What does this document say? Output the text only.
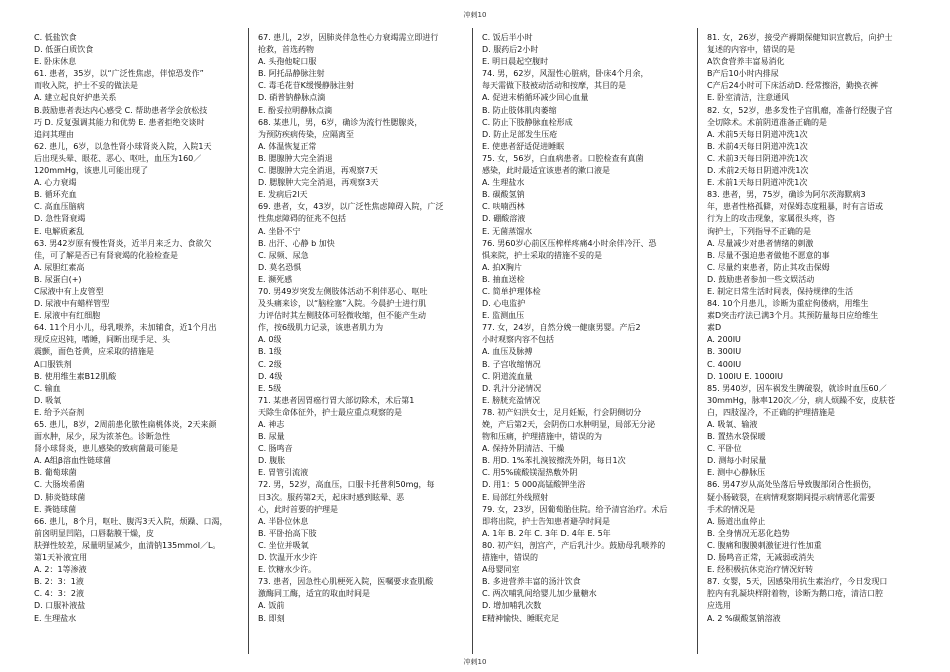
冲刺10
C. 低盐饮食
D. 低蛋白质饮食
E. 卧床休息
61. 患者，35岁，以“广泛性焦虑，伴惊恐发作”
而收入院，护士不妥的做法是
A. 建立起良好护患关系
B.鼓励患者表达内心感受 C. 帮助患者学会放松技
巧 D. 反复强调其能力和优势 E. 患者拒绝交谈时
追问其理由
62. 患儿，6岁，以急性肾小球肾炎入院，入院1天
后出现头晕、眼花、恶心、呕吐，血压为160／
120mmHg，该患儿可能出现了
A. 心力衰竭
B. 循环充血
C. 高血压脑病
D. 急性肾衰竭
E. 电解质紊乱
63. 男42岁原有慢性肾炎，近半月来乏力、食欲欠
佳，可了解是否已有肾衰竭的化验检查是
A. 尿胆红素高
B. 尿蛋白(+)
C尿液中有上皮管型
D. 尿液中有蜡样管型
E. 尿液中有红细胞
64. 11个月小儿，母乳喂养，未加辅食，近1个月出
现反应迟钝，嗜睡，间断出现手足、头
震颤，面色苍黄，应采取的措施是
A口服铁剂
B. 使用维生素B12肌酸
C. 输血
D. 吸氧
E. 给予兴奋剂
65. 患儿，8岁，2周前患化脓性扁桃体炎，2天来颜
面水肿，尿少，尿为浓茶色。诊断急性
肾小球肾炎，患儿感染的致病菌最可能是
A. A组β溶血性链球菌
B. 葡萄球菌
C. 大肠埃希菌
D. 肺炎链球菌
E. 粪链球菌
66. 患儿，8个月，呕吐、腹泻3天入院，烦躁、口渴，
前囟明显凹陷，口唇黏膜干燥，皮
肤弹性较差，尿量明显减少，血清钠135mmol／L。
第1天补液宜用
A. 2：1等渗液
B. 2：3：1液
C. 4：3：2液
D. 口服补液盐
E. 生理盐水
67. 患儿，2岁，因肺炎伴急性心力衰竭需立即进行
抢救，首选药物
A. 头孢他啶口服
B. 阿托品静脉注射
C. 毒毛花苷K缓慢静脉注射
D. 硝普钠静脉点滴
E. 酚妥拉明静脉点滴
68. 某患儿，男，6岁，确诊为流行性腮腺炎，
为预防疾病传染，应隔离至
A. 体温恢复正常
B. 腮腺肿大完全消退
C. 腮腺肿大完全消退，再观察7天
D. 腮腺肿大完全消退，再观察3天
E. 发病后2l天
69. 患者，女，43岁，以广泛性焦虑障碍入院，广泛
性焦虑障碍的征兆不包括
A. 坐卧不宁
B. 出汗、心静 b 加快
C. 尿频、尿急
D. 莫名恐惧
E. 濒死感
70. 男49岁突发左侧肢体活动不利伴恶心、呕吐
及头痛来诊，以“脑栓塞”入院。今晨护士进行肌
力评估时其左侧肢体可轻微收缩，但不能产生动
作，按6级肌力记录，该患者肌力为
A. 0级
B. 1级
C. 2级
D. 4级
E. 5级
71. 某患者因胃癌行胃大部切除术，术后第1
天除生命体征外，护士最应重点观察的是
A. 神志
B. 尿量
C. 肠鸣音
D. 腹胀
E. 胃管引流液
72. 男，52岁，高血压，口服卡托普利50mg，每
日3次。服药第2天，起床时感到眩晕、恶
心，此时首要的护理是
A. 半卧位休息
B. 平卧抬高下肢
C. 坐位并吸氧
D. 饮温开水少许
E. 饮糖水少许。
73. 患者，因急性心肌梗死入院，医嘱要求查肌酸
激酶同工酶，适宜的取血时间是
A. 饭前
B. 即刻
C. 饭后半小时
D. 服药后2小时
E. 明日晨起空腹时
74. 男，62岁，风湿性心脏病，卧床4个月余，
每天需做下肢被动活动和按摩，其目的是
A. 促进末梢循环减少回心血量
B. 防止肢体肌肉萎缩
C. 防止下肢静脉血栓形成
D. 防止足部发生压疮
E. 使患者舒适促进睡眠
75. 女，56岁，白血病患者。口腔检查有真菌
感染，此时最适宜该患者的漱口液是
A. 生理盐水
B. 碳酸氢钠
C. 呋喃西林
D. 硼酸溶液
E. 无菌蒸馏水
76. 男60岁心前区压榨样疼痛4小时余伴冷汗、恐
惧来院，护士采取的措施不妥的是
A. 拍X胸片
B. 抽血送检
C. 简单护理体检
D. 心电监护
E. 监测血压
77. 女，24岁，自然分娩一健康男婴。产后2
小时观察内容不包括
A. 血压及脉搏
B. 子宫收缩情况
C. 阴道流血量
D. 乳汁分泌情况
E. 膀胱充盈情况
78. 初产妇洪女士，足月妊娠，行会阴侧切分
娩，产后第2天，会阴伤口水肿明显，局部无分泌
物和压痛，护理措施中，错误的为
A. 保持外阴清洁、干燥
B. 用D. 1%苯扎溴铵擦洗外阴，每日1次
C. 用5%硫酸镁湿热敷外阴
D. 用1：5 000高锰酸钾坐浴
E. 局部红外线照射
79. 女，23岁，因葡萄胎住院。给予清宫治疗。术后
即将出院，护士告知患者避孕时间是
A. 1年 B. 2年 C. 3年 D. 4年 E. 5年
80. 初产妇，剖宫产，产后乳汁少。鼓励母乳喂养的
措施中，错误的
A母婴同室
B. 多进营养丰富的汤汁饮食
C. 两次哺乳间给婴儿加少量糖水
D. 增加哺乳次数
E精神愉快、睡眠充足
81. 女，26岁，接受产褥期保健知识宣教后，向护士
复述的内容中，错误的是
A饮食营养丰富易消化
B产后10小时内排尿
C产后24小时可下床活动D. 经常擦浴，勤换衣裤
E. 卧室清洁，注意通风
82. 女，52岁，患多发性子宫肌瘤，准备行经腹子宫
全切除术。术前阴道准备正确的是
A. 术前5天每日阴道冲洗1次
B. 术前4天每日阴道冲洗1次
C. 术前3天每日阴道冲洗1次
D. 术前2天每日阴道冲洗1次
E. 术前1天每日阴道冲洗1次
83. 患者，男，75岁，确诊为阿尔茨海默病3
年，患者性格孤僻，对保姆态度粗暴，时有言语或
行为上的攻击现象，家属很头疼，咨
询护士，下列指导不正确的是
A. 尽量减少对患者情绪的刺激
B. 尽量不强迫患者做他不愿意的事
C. 尽量约束患者，防止其攻击保姆
D. 鼓励患者参加一些文娱活动
E. 制定日常生活时间表，保持规律的生活
84. 10个月患儿，诊断为重症佝偻病，用维生
素D突击疗法已满3个月。其预防量每日应给维生
素D
A. 200IU
B. 300IU
C. 400IU
D. 100IU E. 1000IU
85. 男40岁，因车祸发生脾破裂，就诊时血压60／
30mmHg，脉率120次／分，病人烦躁不安，皮肤苍
白，四肢湿冷，不正确的护理措施是
A. 吸氧、输液
B. 置热水袋保暖
C. 平卧位
D. 测每小时尿量
E. 测中心静脉压
86. 男47岁从高处坠落后导致腹部闭合性损伤，
疑小肠破裂，在病情观察期间提示病情恶化需要
手术的情况是
A. 肠道出血停止
B. 全身情况无恶化趋势
C. 腹痛和腹膜刺激征进行性加重
D. 肠鸣音正常，无减弱或消失
E. 经积极抗休克治疗情况好转
87. 女婴，5天，因感染用抗生素治疗，今日发现口
腔内有乳凝块样附着物，诊断为鹅口疮，清洁口腔
应选用
A. 2 %碳酸氢钠溶液
冲刺10
